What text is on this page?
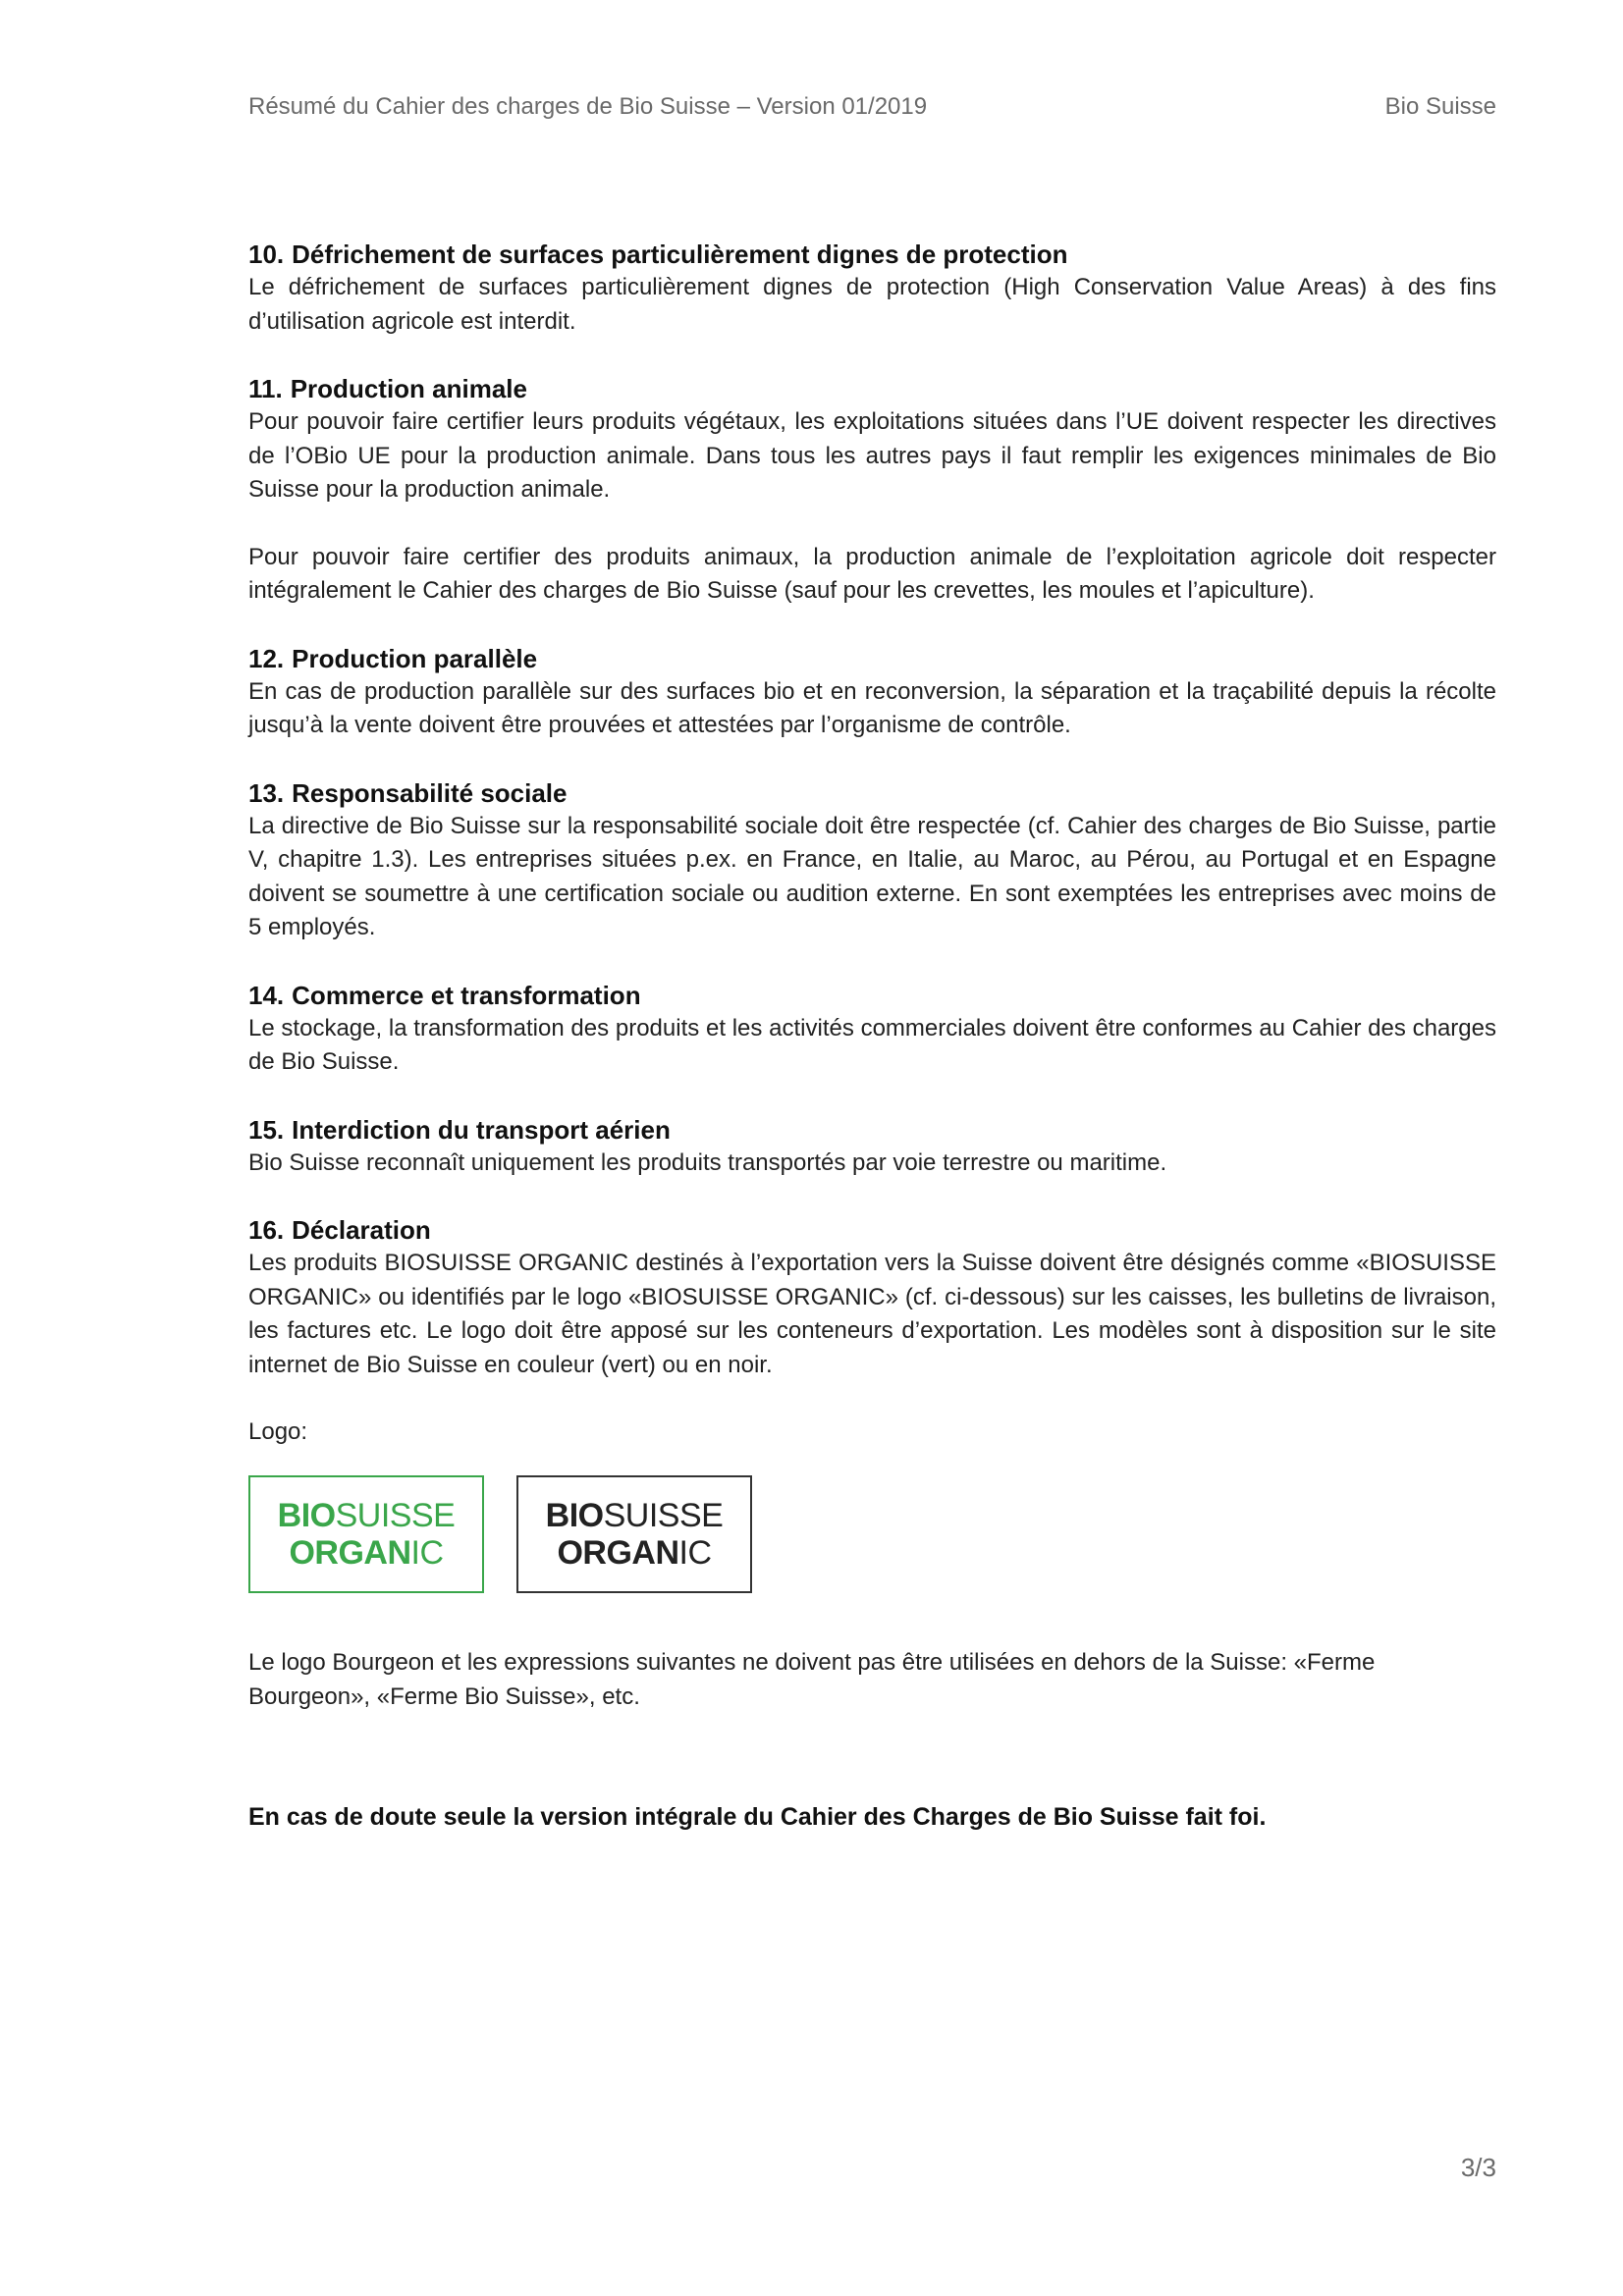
Résumé du Cahier des charges de Bio Suisse – Version 01/2019	Bio Suisse
10. Défrichement de surfaces particulièrement dignes de protection

Le défrichement de surfaces particulièrement dignes de protection (High Conservation Value Areas) à des fins d’utilisation agricole est interdit.

11. Production animale

Pour pouvoir faire certifier leurs produits végétaux, les exploitations situées dans l’UE doivent respecter les directives de l’OBio UE pour la production animale. Dans tous les autres pays il faut remplir les exigences minimales de Bio Suisse pour la production animale.

Pour pouvoir faire certifier des produits animaux, la production animale de l’exploitation agricole doit respecter intégralement le Cahier des charges de Bio Suisse (sauf pour les crevettes, les moules et l’apiculture).

12. Production parallèle

En cas de production parallèle sur des surfaces bio et en reconversion, la séparation et la traçabilité depuis la récolte jusqu’à la vente doivent être prouvées et attestées par l’organisme de contrôle.

13. Responsabilité sociale

La directive de Bio Suisse sur la responsabilité sociale doit être respectée (cf. Cahier des charges de Bio Suisse, partie V, chapitre 1.3). Les entreprises situées p.ex. en France, en Italie, au Maroc, au Pérou, au Portugal et en Espagne doivent se soumettre à une certification sociale ou audition externe. En sont exemptées les entreprises avec moins de 5 employés.

14. Commerce et transformation

Le stockage, la transformation des produits et les activités commerciales doivent être conformes au Cahier des charges de Bio Suisse.

15. Interdiction du transport aérien

Bio Suisse reconnaît uniquement les produits transportés par voie terrestre ou maritime.

16. Déclaration

Les produits BIOSUISSE ORGANIC destinés à l’exportation vers la Suisse doivent être désignés comme «BIOSUISSE ORGANIC» ou identifiés par le logo «BIOSUISSE ORGANIC» (cf. ci-dessous) sur les caisses, les bulletins de livraison, les factures etc. Le logo doit être apposé sur les conteneurs d’exportation. Les modèles sont à disposition sur le site internet de Bio Suisse en couleur (vert) ou en noir.

Logo:
BIOSUISSE
ORGANIC
BIOSUISSE
ORGANIC

Le logo Bourgeon et les expressions suivantes ne doivent pas être utilisées en dehors de la Suisse: «Ferme Bourgeon», «Ferme Bio Suisse», etc.

En cas de doute seule la version intégrale du Cahier des Charges de Bio Suisse fait foi.

3/3
